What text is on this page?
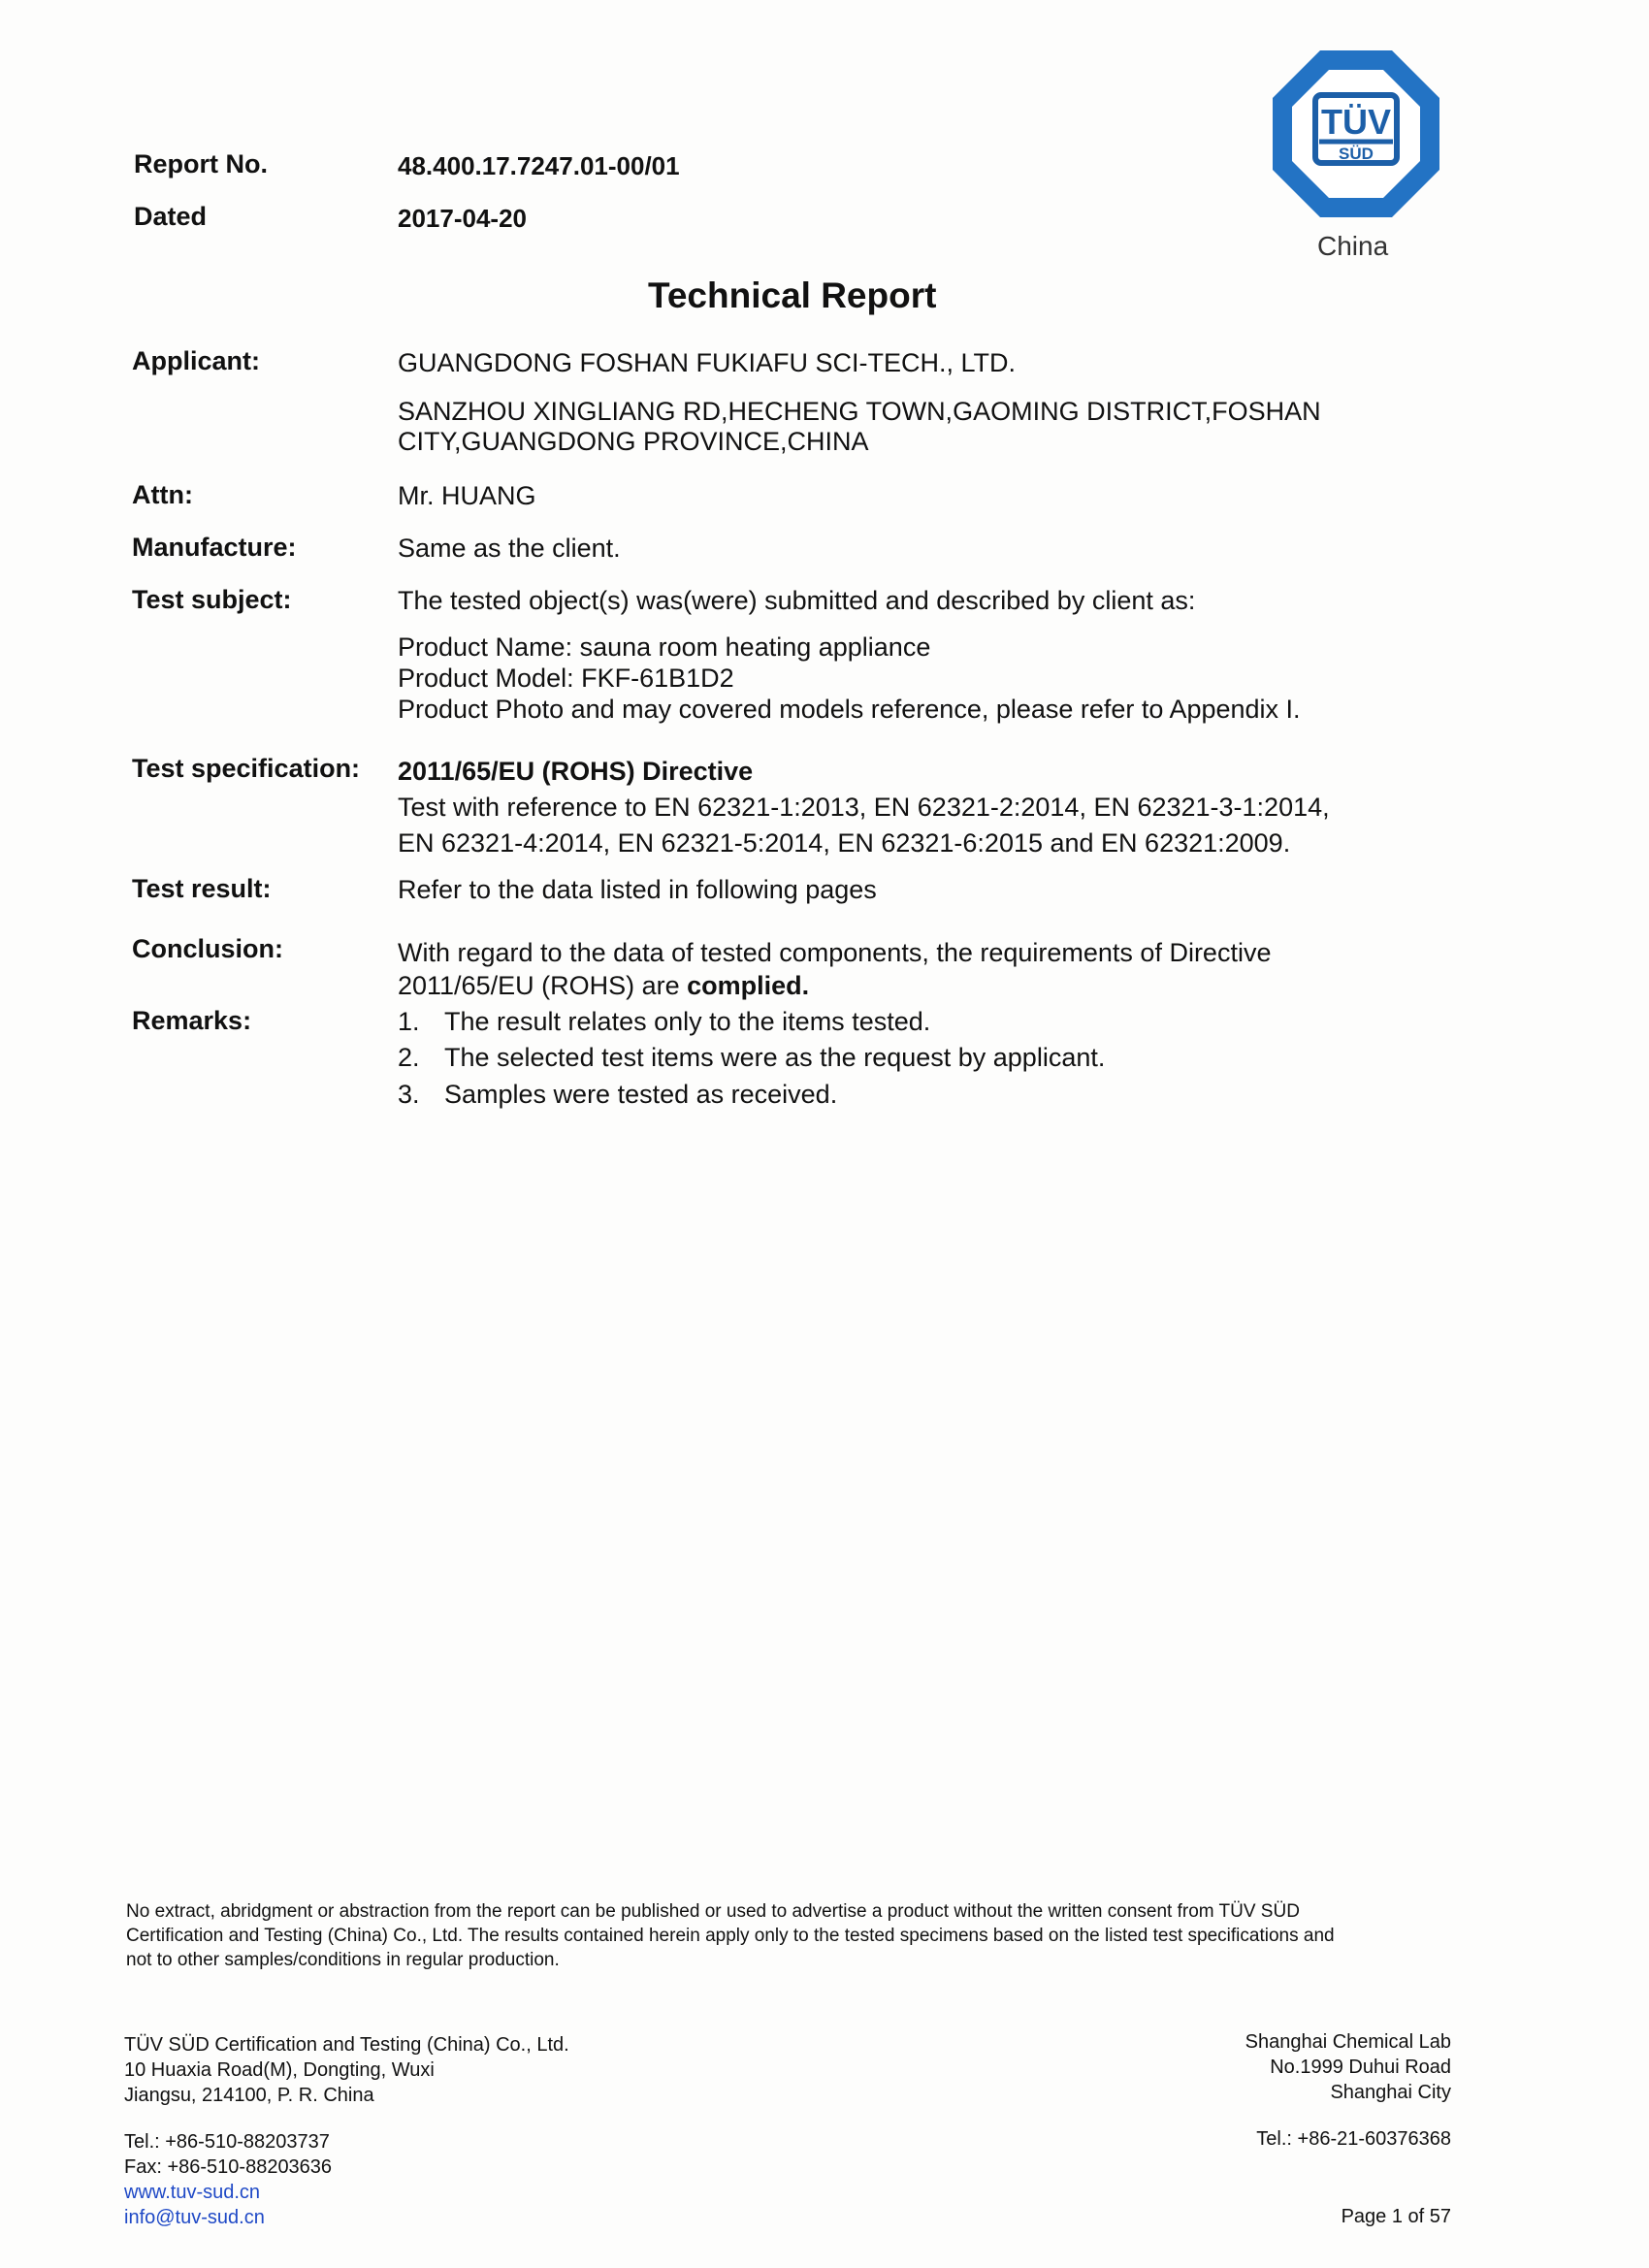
Report No.	48.400.17.7247.01-00/01
Dated	2017-04-20
TÜV
SÜD
China
Technical Report
Applicant:	GUANGDONG FOSHAN FUKIAFU SCI-TECH., LTD.
SANZHOU XINGLIANG RD,HECHENG TOWN,GAOMING DISTRICT,FOSHAN
CITY,GUANGDONG PROVINCE,CHINA
Attn:	Mr. HUANG
Manufacture:	Same as the client.
Test subject:	The tested object(s) was(were) submitted and described by client as:
Product Name: sauna room heating appliance
Product Model: FKF-61B1D2
Product Photo and may covered models reference, please refer to Appendix I.
Test specification: 2011/65/EU (ROHS) Directive
Test with reference to EN 62321-1:2013, EN 62321-2:2014, EN 62321-3-1:2014,
EN 62321-4:2014, EN 62321-5:2014, EN 62321-6:2015 and EN 62321:2009.
Test result:	Refer to the data listed in following pages
Conclusion:	With regard to the data of tested components, the requirements of Directive
2011/65/EU (ROHS) are complied.
Remarks:	1. The result relates only to the items tested.
2. The selected test items were as the request by applicant.
3. Samples were tested as received.
No extract, abridgment or abstraction from the report can be published or used to advertise a product without the written consent from TÜV SÜD
Certification and Testing (China) Co., Ltd. The results contained herein apply only to the tested specimens based on the listed test specifications and
not to other samples/conditions in regular production.
TÜV SÜD Certification and Testing (China) Co., Ltd.
10 Huaxia Road(M), Dongting, Wuxi
Jiangsu, 214100, P. R. China
Tel.: +86-510-88203737
Fax: +86-510-88203636
www.tuv-sud.cn
info@tuv-sud.cn
Shanghai Chemical Lab
No.1999 Duhui Road
Shanghai City
Tel.: +86-21-60376368
Page 1 of 57
